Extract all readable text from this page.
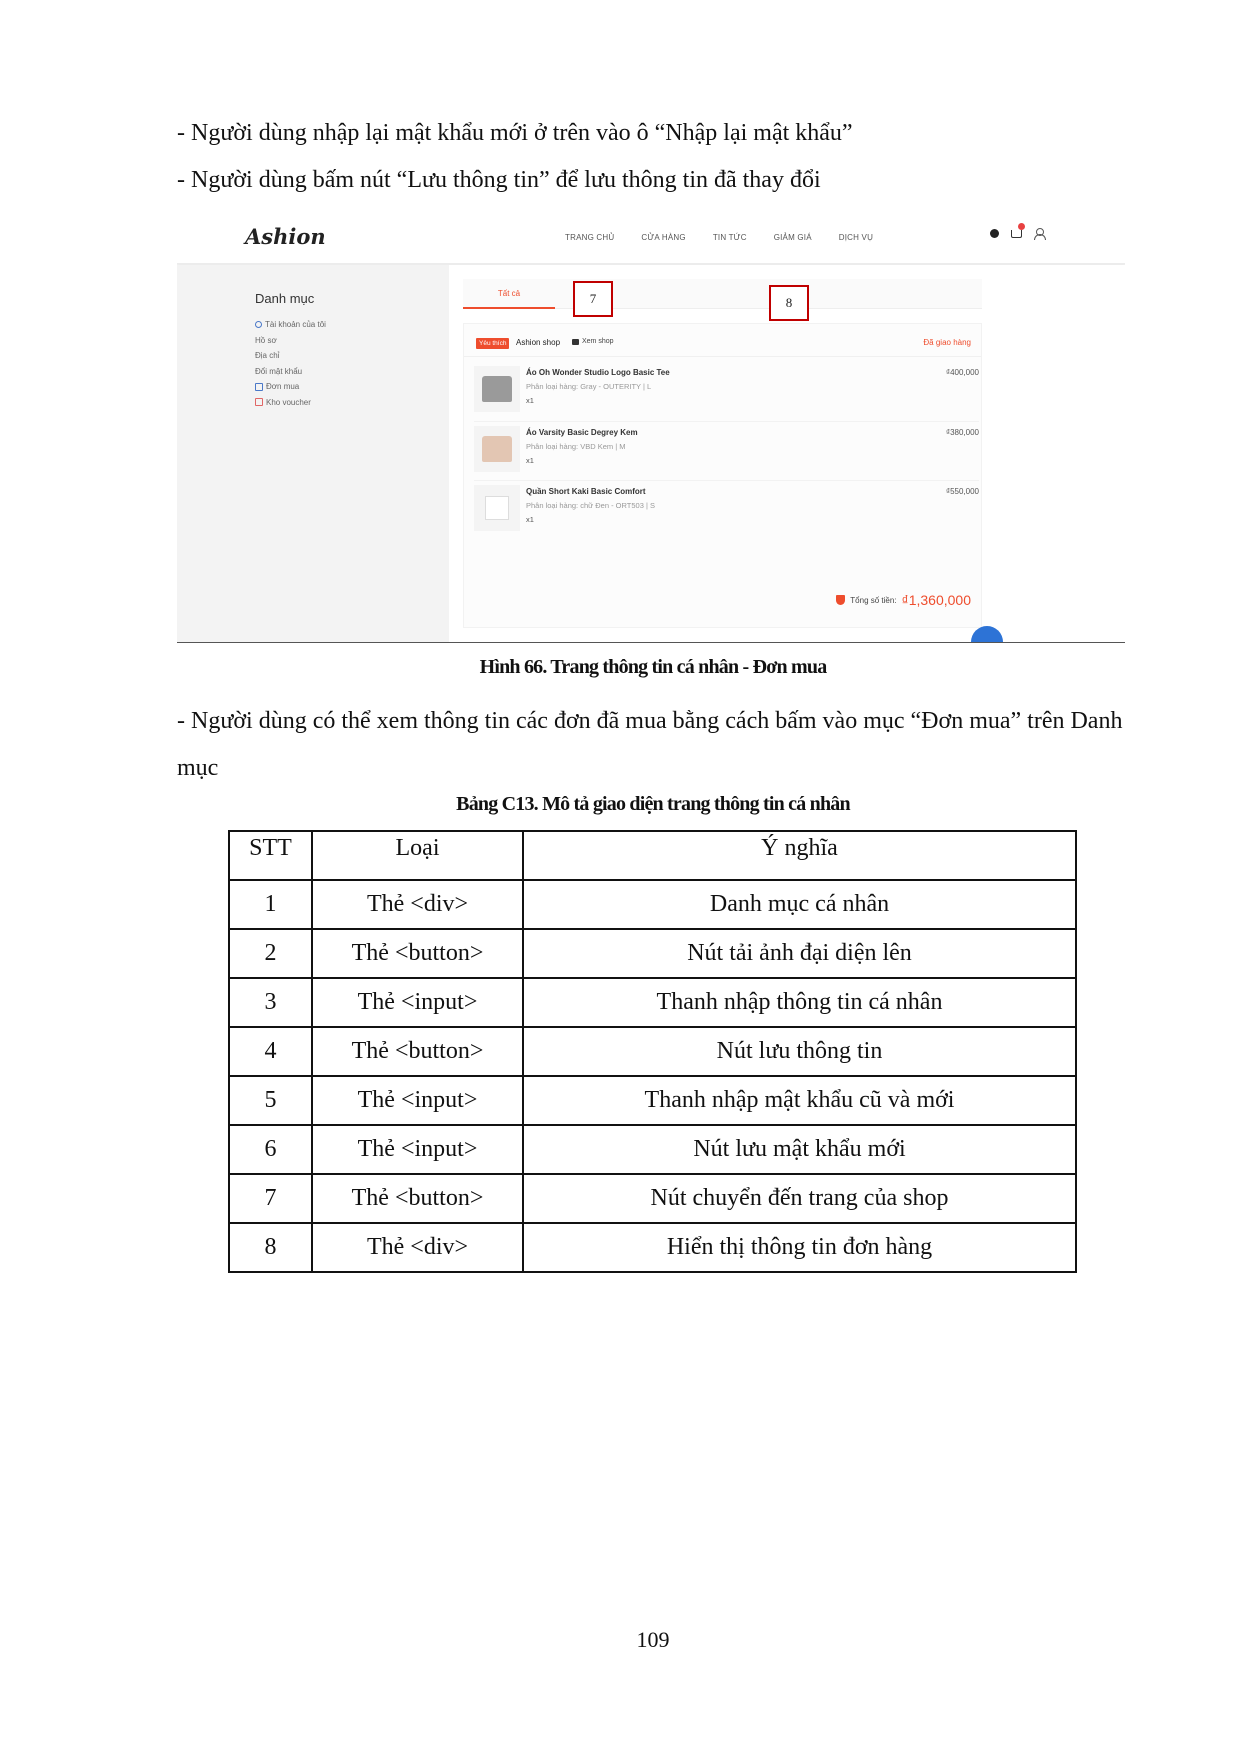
- Người dùng nhập lại mật khẩu mới ở trên vào ô “Nhập lại mật khẩu”

- Người dùng bấm nút “Lưu thông tin” để lưu thông tin đã thay đổi

Ashion	TRANG CHỦ	CỬA HÀNG	TIN TỨC	GIẢM GIÁ	DỊCH VỤ
Danh mục
Tài khoản của tôi
Hồ sơ
Địa chỉ
Đổi mật khẩu
Đơn mua
Kho voucher
Tất cả
Yêu thích	Ashion shop	Xem shop	Đã giao hàng
Áo Oh Wonder Studio Logo Basic Tee
Phân loại hàng: Gray - OUTERITY | L
x1
₫400,000
Áo Varsity Basic Degrey Kem
Phân loại hàng: VBD Kem | M
x1
₫380,000
Quần Short Kaki Basic Comfort
Phân loại hàng: chữ Đen - ORT503 | S
x1
₫550,000
Tổng số tiền: ₫1,360,000
7	8

Hình 66. Trang thông tin cá nhân - Đơn mua

- Người dùng có thể xem thông tin các đơn đã mua bằng cách bấm vào mục “Đơn mua” trên Danh mục

Bảng C13. Mô tả giao diện trang thông tin cá nhân

STT	Loại	Ý nghĩa
1	Thẻ <div>	Danh mục cá nhân
2	Thẻ <button>	Nút tải ảnh đại diện lên
3	Thẻ <input>	Thanh nhập thông tin cá nhân
4	Thẻ <button>	Nút lưu thông tin
5	Thẻ <input>	Thanh nhập mật khẩu cũ và mới
6	Thẻ <input>	Nút lưu mật khẩu mới
7	Thẻ <button>	Nút chuyển đến trang của shop
8	Thẻ <div>	Hiển thị thông tin đơn hàng

109
